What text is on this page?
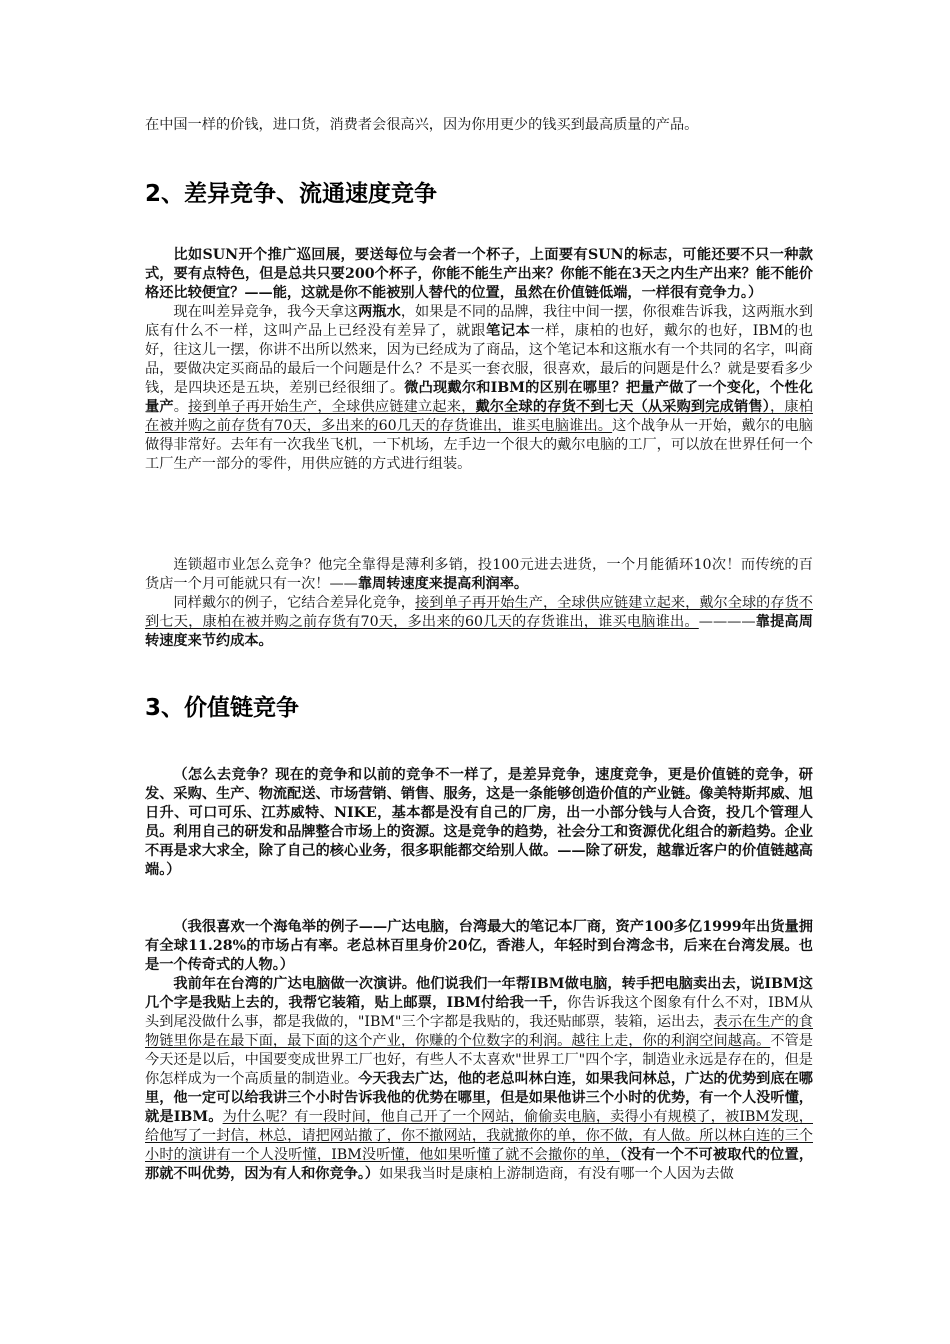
在中国一样的价钱，进口货，消费者会很高兴，因为你用更少的钱买到最高质量的产品。
2、差异竞争、流通速度竞争

比如SUN开个推广巡回展，要送每位与会者一个杯子，上面要有SUN的标志，可能还要不只一种款式，要有点特色，但是总共只要200个杯子，你能不能生产出来？你能不能在3天之内生产出来？能不能价格还比较便宜？——能，这就是你不能被别人替代的位置，虽然在价值链低端，一样很有竞争力。）

现在叫差异竞争，我今天拿这两瓶水，如果是不同的品牌，我往中间一摆，你很难告诉我，这两瓶水到底有什么不一样，这叫产品上已经没有差异了，就跟笔记本一样，康柏的也好，戴尔的也好，IBM的也好，往这儿一摆，你讲不出所以然来，因为已经成为了商品，这个笔记本和这瓶水有一个共同的名字，叫商品，要做决定买商品的最后一个问题是什么？不是买一套衣服，很喜欢，最后的问题是什么？就是要看多少钱，是四块还是五块，差别已经很细了。微凸现戴尔和IBM的区别在哪里？把量产做了一个变化，个性化量产。接到单子再开始生产，全球供应链建立起来，戴尔全球的存货不到七天（从采购到完成销售），康柏在被并购之前存货有70天，多出来的60几天的存货谁出，谁买电脑谁出。这个战争从一开始，戴尔的电脑做得非常好。去年有一次我坐飞机，一下机场，左手边一个很大的戴尔电脑的工厂，可以放在世界任何一个工厂生产一部分的零件，用供应链的方式进行组装。

连锁超市业怎么竞争？他完全靠得是薄利多销，投100元进去进货，一个月能循环10次！而传统的百货店一个月可能就只有一次！——靠周转速度来提高利润率。

同样戴尔的例子，它结合差异化竞争，接到单子再开始生产，全球供应链建立起来，戴尔全球的存货不到七天，康柏在被并购之前存货有70天，多出来的60几天的存货谁出，谁买电脑谁出。————靠提高周转速度来节约成本。

3、价值链竞争

（怎么去竞争？现在的竞争和以前的竞争不一样了，是差异竞争，速度竞争，更是价值链的竞争，研发、采购、生产、物流配送、市场营销、销售、服务，这是一条能够创造价值的产业链。像美特斯邦威、旭日升、可口可乐、江苏威特、NIKE，基本都是没有自己的厂房，出一小部分钱与人合资，投几个管理人员。利用自己的研发和品牌整合市场上的资源。这是竞争的趋势，社会分工和资源优化组合的新趋势。企业不再是求大求全，除了自己的核心业务，很多职能都交给别人做。——除了研发，越靠近客户的价值链越高端。）

（我很喜欢一个海龟举的例子——广达电脑，台湾最大的笔记本厂商，资产100多亿1999年出货量拥有全球11.28%的市场占有率。老总林百里身价20亿，香港人，年轻时到台湾念书，后来在台湾发展。也是一个传奇式的人物。）

我前年在台湾的广达电脑做一次演讲。他们说我们一年帮IBM做电脑，转手把电脑卖出去，说IBM这几个字是我贴上去的，我帮它装箱，贴上邮票，IBM付给我一千，你告诉我这个图象有什么不对，IBM从头到尾没做什么事，都是我做的，"IBM"三个字都是我贴的，我还贴邮票，装箱，运出去，表示在生产的食物链里你是在最下面，最下面的这个产业，你赚的个位数字的利润。越往上走，你的利润空间越高。不管是今天还是以后，中国要变成世界工厂也好，有些人不太喜欢"世界工厂"四个字，制造业永远是存在的，但是你怎样成为一个高质量的制造业。今天我去广达，他的老总叫林白连，如果我问林总，广达的优势到底在哪里，他一定可以给我讲三个小时告诉我他的优势在哪里，但是如果他讲三个小时的优势，有一个人没听懂，就是IBM。为什么呢？有一段时间，他自己开了一个网站，偷偷卖电脑，卖得小有规模了，被IBM发现，给他写了一封信，林总，请把网站撤了，你不撤网站，我就撤你的单，你不做，有人做。所以林白连的三个小时的演讲有一个人没听懂，IBM没听懂，他如果听懂了就不会撤你的单，（没有一个不可被取代的位置，那就不叫优势，因为有人和你竞争。）如果我当时是康柏上游制造商，有没有哪一个人因为去做
